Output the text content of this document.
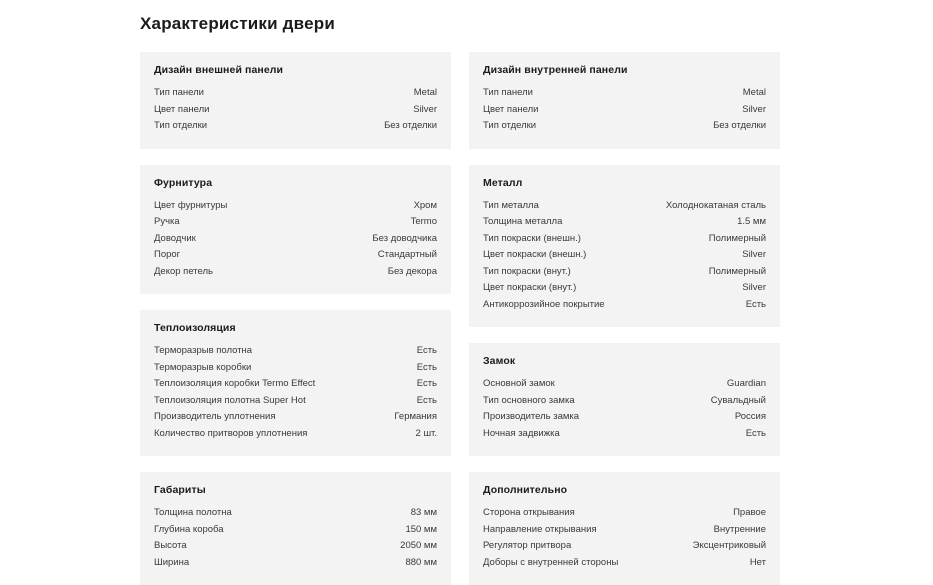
Характеристики двери
Дизайн внешней панели
Тип панели	Metal
Цвет панели	Silver
Тип отделки	Без отделки
Фурнитура
Цвет фурнитуры	Хром
Ручка	Termo
Доводчик	Без доводчика
Порог	Стандартный
Декор петель	Без декора
Теплоизоляция
Терморазрыв полотна	Есть
Терморазрыв коробки	Есть
Теплоизоляция коробки Termo Effect	Есть
Теплоизоляция полотна Super Hot	Есть
Производитель уплотнения	Германия
Количество притворов уплотнения	2 шт.
Габариты
Толщина полотна	83 мм
Глубина короба	150 мм
Высота	2050 мм
Ширина	880 мм
Дизайн внутренней панели
Тип панели	Metal
Цвет панели	Silver
Тип отделки	Без отделки
Металл
Тип металла	Холоднокатаная сталь
Толщина металла	1.5 мм
Тип покраски (внешн.)	Полимерный
Цвет покраски (внешн.)	Silver
Тип покраски (внут.)	Полимерный
Цвет покраски (внут.)	Silver
Антикоррозийное покрытие	Есть
Замок
Основной замок	Guardian
Тип основного замка	Сувальдный
Производитель замка	Россия
Ночная задвижка	Есть
Дополнительно
Сторона открывания	Правое
Направление открывания	Внутренние
Регулятор притвора	Эксцентриковый
Доборы с внутренней стороны	Нет
